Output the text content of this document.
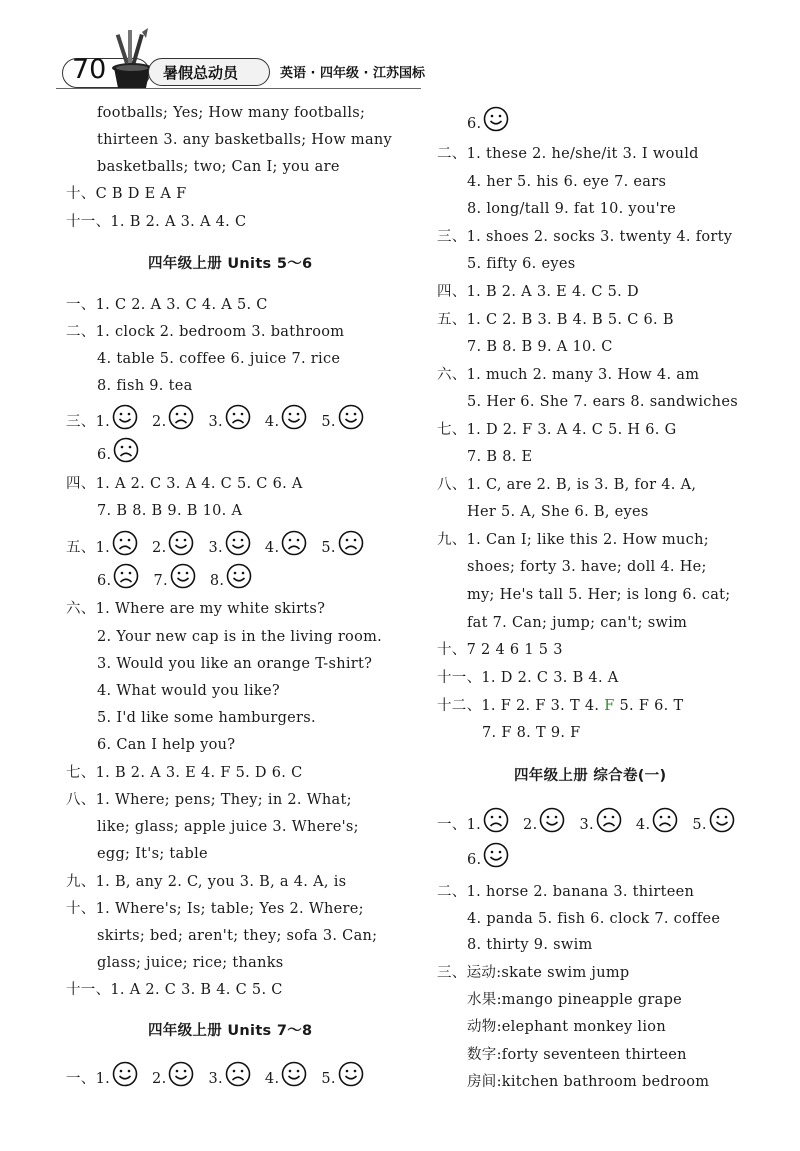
70	暑假总动员	英语 · 四年级 · 江苏国标
footballs; Yes; How many footballs;
thirteen 3. any basketballs; How many
basketballs; two; Can I; you are
十、C B D E A F
十一、1. B 2. A 3. A 4. C
四年级上册 Units 5～6
一、1. C 2. A 3. C 4. A 5. C
二、1. clock 2. bedroom 3. bathroom
4. table 5. coffee 6. juice 7. rice
8. fish 9. tea
三、1.	2.	3.	4.	5.
6.
四、1. A 2. C 3. A 4. C 5. C 6. A
7. B 8. B 9. B 10. A
五、1.	2.	3.	4.	5.
6.	7.	8.
六、1. Where are my white skirts?
2. Your new cap is in the living room.
3. Would you like an orange T-shirt?
4. What would you like?
5. I'd like some hamburgers.
6. Can I help you?
七、1. B 2. A 3. E 4. F 5. D 6. C
八、1. Where; pens; They; in 2. What;
like; glass; apple juice 3. Where's;
egg; It's; table
九、1. B, any 2. C, you 3. B, a 4. A, is
十、1. Where's; Is; table; Yes 2. Where;
skirts; bed; aren't; they; sofa 3. Can;
glass; juice; rice; thanks
十一、1. A 2. C 3. B 4. C 5. C
四年级上册 Units 7～8
一、1.	2.	3.	4.	5.
6.
二、1. these 2. he/she/it 3. I would
4. her 5. his 6. eye 7. ears
8. long/tall 9. fat 10. you're
三、1. shoes 2. socks 3. twenty 4. forty
5. fifty 6. eyes
四、1. B 2. A 3. E 4. C 5. D
五、1. C 2. B 3. B 4. B 5. C 6. B
7. B 8. B 9. A 10. C
六、1. much 2. many 3. How 4. am
5. Her 6. She 7. ears 8. sandwiches
七、1. D 2. F 3. A 4. C 5. H 6. G
7. B 8. E
八、1. C, are 2. B, is 3. B, for 4. A,
Her 5. A, She 6. B, eyes
九、1. Can I; like this 2. How much;
shoes; forty 3. have; doll 4. He;
my; He's tall 5. Her; is long 6. cat;
fat 7. Can; jump; can't; swim
十、7 2 4 6 1 5 3
十一、1. D 2. C 3. B 4. A
十二、1. F 2. F 3. T 4. F 5. F 6. T
7. F 8. T 9. F
四年级上册 综合卷(一)
一、1.	2.	3.	4.	5.
6.
二、1. horse 2. banana 3. thirteen
4. panda 5. fish 6. clock 7. coffee
8. thirty 9. swim
三、运动:skate swim jump
水果:mango pineapple grape
动物:elephant monkey lion
数字:forty seventeen thirteen
房间:kitchen bathroom bedroom
